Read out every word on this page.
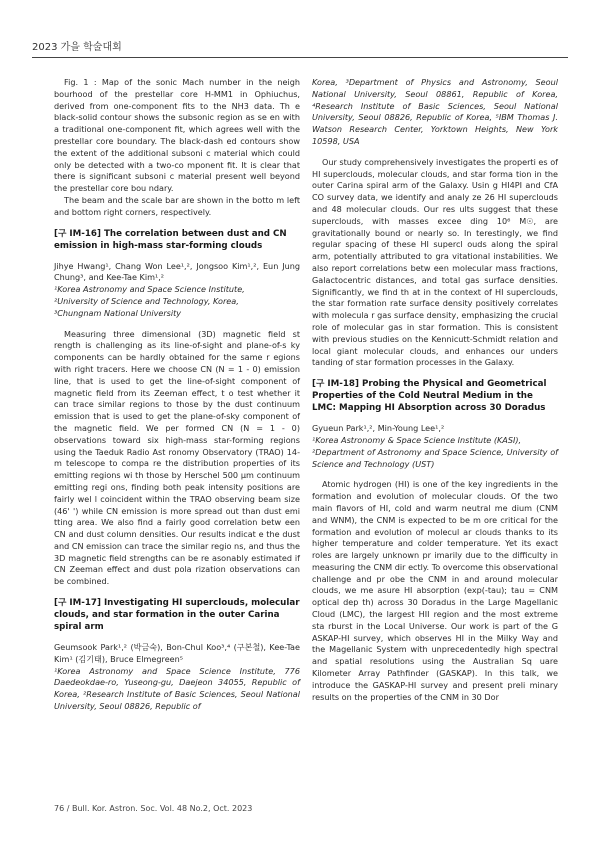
2023 가을 학술대회

Fig. 1 : Map of the sonic Mach number in the neigh bourhood of the prestellar core H-MM1 in Ophiuchus, derived from one-component fits to the NH3 data. Th e black-solid contour shows the subsonic region as se en with a traditional one-component fit, which agrees well with the prestellar core boundary. The black-dash ed contours show the extent of the additional subsoni c material which could only be detected with a two-co mponent fit. It is clear that there is significant subsoni c material present well beyond the prestellar core bou ndary.

The beam and the scale bar are shown in the botto m left and bottom right corners, respectively.

[구 IM-16] The correlation between dust and CN emission in high-mass star-forming clouds

Jihye Hwang¹, Chang Won Lee¹,², Jongsoo Kim¹,², Eun Jung Chung³, and Kee-Tae Kim¹,²

¹Korea Astronomy and Space Science Institute,

²University of Science and Technology, Korea,

³Chungnam National University

Measuring three dimensional (3D) magnetic field st rength is challenging as its line-of-sight and plane-of-s ky components can be hardly obtained for the same r egions with right tracers. Here we choose CN (N = 1 - 0) emission line, that is used to get the line-of-sight component of magnetic field from its Zeeman effect, t o test whether it can trace similar regions to those by the dust continuum emission that is used to get the plane-of-sky component of the magnetic field. We per formed CN (N = 1 - 0) observations toward six high-mass star-forming regions using the Taeduk Radio Ast ronomy Observatory (TRAO) 14-m telescope to compa re the distribution properties of its emitting regions wi th those by Herschel 500 μm continuum emitting regi ons, finding both peak intensity positions are fairly wel l coincident within the TRAO observing beam size (46' ') while CN emission is more spread out than dust emi tting area. We also find a fairly good correlation betw een CN and dust column densities. Our results indicat e the dust and CN emission can trace the similar regio ns, and thus the 3D magnetic field strengths can be re asonably estimated if CN Zeeman effect and dust pola rization observations can be combined.

[구 IM-17] Investigating HI superclouds, molecular clouds, and star formation in the outer Carina spiral arm

Geumsook Park¹,² (박금숙), Bon-Chul Koo³,⁴ (구본철), Kee-Tae Kim¹ (김기태), Bruce Elmegreen⁵

¹Korea Astronomy and Space Science Institute, 776 Daedeokdae-ro, Yuseong-gu, Daejeon 34055, Republic of Korea, ²Research Institute of Basic Sciences, Seoul National University, Seoul 08826, Republic of

Korea, ³Department of Physics and Astronomy, Seoul National University, Seoul 08861, Republic of Korea, ⁴Research Institute of Basic Sciences, Seoul National University, Seoul 08826, Republic of Korea, ⁵IBM Thomas J. Watson Research Center, Yorktown Heights, New York 10598, USA

Our study comprehensively investigates the properti es of HI superclouds, molecular clouds, and star forma tion in the outer Carina spiral arm of the Galaxy. Usin g HI4PI and CfA CO survey data, we identify and analy ze 26 HI superclouds and 48 molecular clouds. Our res ults suggest that these superclouds, with masses excee ding 10⁶ M☉, are gravitationally bound or nearly so. In terestingly, we find regular spacing of these HI supercl ouds along the spiral arm, potentially attributed to gra vitational instabilities. We also report correlations betw een molecular mass fractions, Galactocentric distances, and total gas surface densities. Significantly, we find th at in the context of HI superclouds, the star formation rate surface density positively correlates with molecula r gas surface density, emphasizing the crucial role of molecular gas in star formation. This is consistent with previous studies on the Kennicutt-Schmidt relation and local giant molecular clouds, and enhances our unders tanding of star formation processes in the Galaxy.

[구 IM-18] Probing the Physical and Geometrical Properties of the Cold Neutral Medium in the LMC: Mapping HI Absorption across 30 Doradus

Gyueun Park¹,², Min-Young Lee¹,²

¹Korea Astronomy & Space Science Institute (KASI),

²Department of Astronomy and Space Science, University of Science and Technology (UST)

Atomic hydrogen (HI) is one of the key ingredients in the formation and evolution of molecular clouds. Of the two main flavors of HI, cold and warm neutral me dium (CNM and WNM), the CNM is expected to be m ore critical for the formation and evolution of molecul ar clouds thanks to its higher temperature and colder temperature. Yet its exact roles are largely unknown pr imarily due to the difficulty in measuring the CNM dir ectly. To overcome this observational challenge and pr obe the CNM in and around molecular clouds, we me asure HI absorption (exp(-tau); tau = CNM optical dep th) across 30 Doradus in the Large Magellanic Cloud (LMC), the largest HII region and the most extreme sta rburst in the Local Universe. Our work is part of the G ASKAP-HI survey, which observes HI in the Milky Way and the Magellanic System with unprecedentedly high spectral and spatial resolutions using the Australian Sq uare Kilometer Array Pathfinder (GASKAP). In this talk, we introduce the GASKAP-HI survey and present preli minary results on the properties of the CNM in 30 Dor

76 / Bull. Kor. Astron. Soc. Vol. 48 No.2, Oct. 2023
